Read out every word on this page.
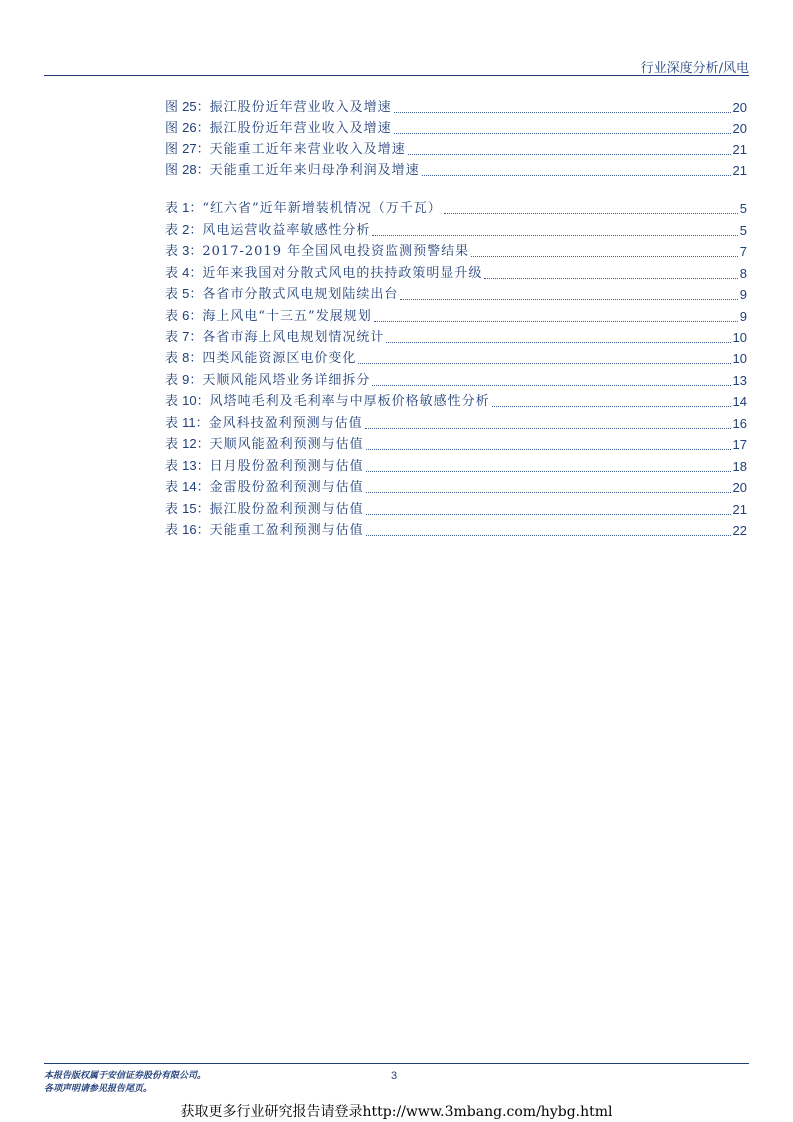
行业深度分析/风电
图 25：振江股份近年营业收入及增速	20
图 26：振江股份近年营业收入及增速	20
图 27：天能重工近年来营业收入及增速	21
图 28：天能重工近年来归母净利润及增速	21
表 1：“红六省”近年新增装机情况（万千瓦）	5
表 2：风电运营收益率敏感性分析	5
表 3：2017-2019 年全国风电投资监测预警结果	7
表 4：近年来我国对分散式风电的扶持政策明显升级	8
表 5：各省市分散式风电规划陆续出台	9
表 6：海上风电“十三五”发展规划	9
表 7：各省市海上风电规划情况统计	10
表 8：四类风能资源区电价变化	10
表 9：天顺风能风塔业务详细拆分	13
表 10：风塔吨毛利及毛利率与中厚板价格敏感性分析	14
表 11：金风科技盈利预测与估值	16
表 12：天顺风能盈利预测与估值	17
表 13：日月股份盈利预测与估值	18
表 14：金雷股份盈利预测与估值	20
表 15：振江股份盈利预测与估值	21
表 16：天能重工盈利预测与估值	22
本报告版权属于安信证券股份有限公司。
各项声明请参见报告尾页。
3
获取更多行业研究报告请登录http://www.3mbang.com/hybg.html
